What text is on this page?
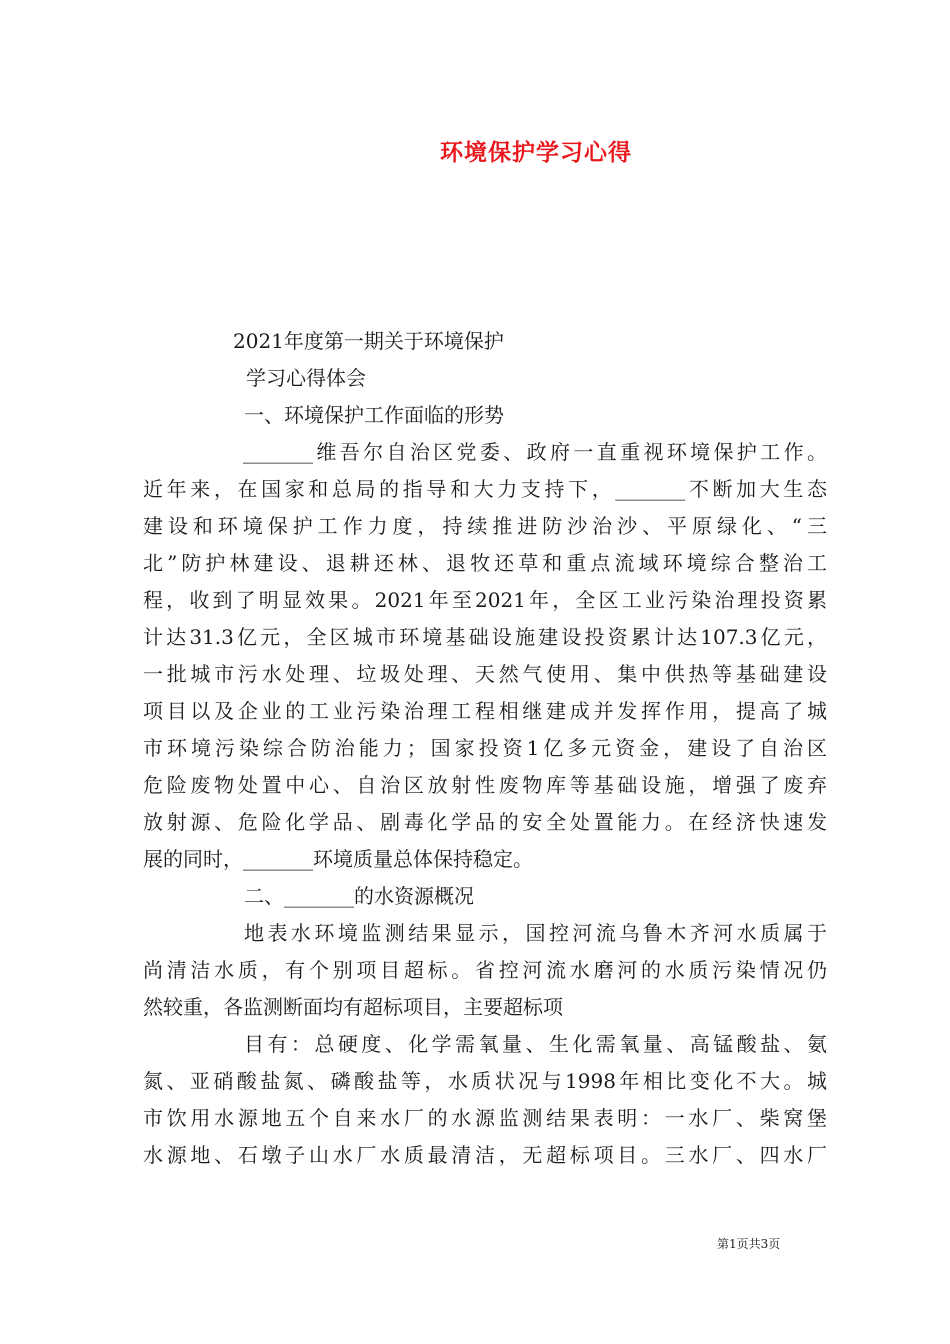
环境保护学习心得
2021年度第一期关于环境保护
学习心得体会
一、环境保护工作面临的形势
_______维吾尔自治区党委、政府一直重视环境保护工作。
近年来，在国家和总局的指导和大力支持下，_______不断加大生态
建设和环境保护工作力度，持续推进防沙治沙、平原绿化、“三
北”防护林建设、退耕还林、退牧还草和重点流域环境综合整治工
程，收到了明显效果。2021年至2021年，全区工业污染治理投资累
计达31.3亿元，全区城市环境基础设施建设投资累计达107.3亿元，
一批城市污水处理、垃圾处理、天然气使用、集中供热等基础建设
项目以及企业的工业污染治理工程相继建成并发挥作用，提高了城
市环境污染综合防治能力；国家投资1亿多元资金，建设了自治区
危险废物处置中心、自治区放射性废物库等基础设施，增强了废弃
放射源、危险化学品、剧毒化学品的安全处置能力。在经济快速发
展的同时，_______环境质量总体保持稳定。
二、_______的水资源概况
地表水环境监测结果显示，国控河流乌鲁木齐河水质属于
尚清洁水质，有个别项目超标。省控河流水磨河的水质污染情况仍
然较重，各监测断面均有超标项目，主要超标项
目有：总硬度、化学需氧量、生化需氧量、高锰酸盐、氨
氮、亚硝酸盐氮、磷酸盐等，水质状况与1998年相比变化不大。城
市饮用水源地五个自来水厂的水源监测结果表明：一水厂、柴窝堡
水源地、石墩子山水厂水质最清洁，无超标项目。三水厂、四水厂
第1页共3页
